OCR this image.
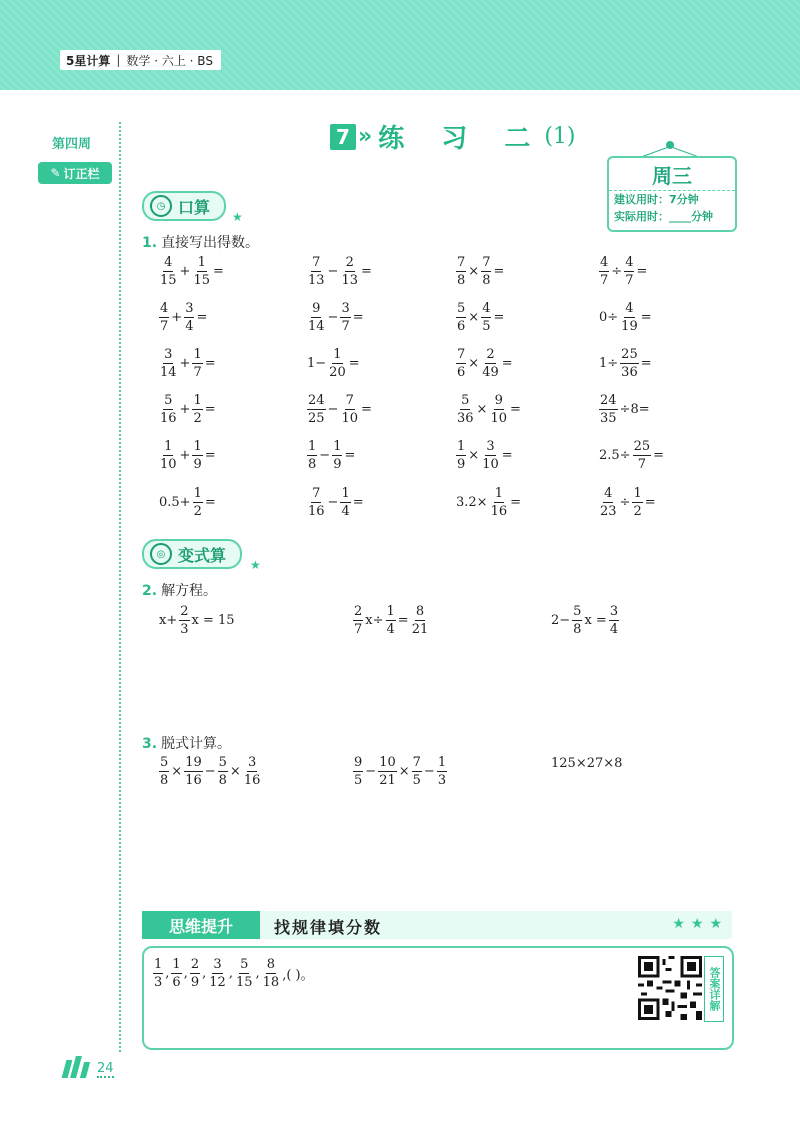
5星计算 | 数学 · 六上 · BS
第四周
✎ 订正栏
7 » 练 习 二 (1)
周三
建议用时：7分钟
实际用时：____分钟
◷ 口算
★
1. 直接写出得数。
◎ 变式算
★
2. 解方程。
3. 脱式计算。
思维提升	找规律填分数	★★★
答案详解
24
$\frac{4}{15} + \frac{1}{15}$ =	$\frac{7}{13} - \frac{2}{13}$ =	$\frac{7}{8} \times \frac{7}{8}$ =	$\frac{4}{7} \div \frac{4}{7}$ =
$\frac{4}{7} + \frac{3}{4}$ =	$\frac{9}{14} - \frac{3}{7}$ =	$\frac{5}{6} \times \frac{4}{5}$ =	$0\div \frac{4}{19}$ =
$\frac{3}{14} + \frac{1}{7}$ =	$1- \frac{1}{20}$ =	$\frac{7}{6} \times \frac{2}{49}$ =	$1\div \frac{25}{36}$ =
$\frac{5}{16} + \frac{1}{2}$ =	$\frac{24}{25} - \frac{7}{10}$ =	$\frac{5}{36} \times \frac{9}{10}$ =	$\frac{24}{35} \div 8=$
$\frac{1}{10} + \frac{1}{9}$ =	$\frac{1}{8} - \frac{1}{9}$ =	$\frac{1}{9} \times \frac{3}{10}$ =	$2.5\div \frac{25}{7}$ =
$0.5+ \frac{1}{2}$ =	$\frac{7}{16} - \frac{1}{4}$ =	$3.2\times \frac{1}{16}$ =	$\frac{4}{23} \div \frac{1}{2}$ =
$x+ \frac{2}{3}$ x = 15	$\frac{2}{7} x\div \frac{1}{4} = \frac{8}{21}$	$2- \frac{5}{8}$ $x = \frac{3}{4}$
$\frac{5}{8} \times \frac{19}{16} - \frac{5}{8} \times \frac{3}{16}$	$\frac{9}{5} - \frac{10}{21} \times \frac{7}{5} - \frac{1}{3}$	125×27×8
$\frac{1}{3}$ , $\frac{1}{6}$ , $\frac{2}{9}$ , $\frac{3}{12}$ , $\frac{5}{15}$ , $\frac{8}{18}$ ,( )。
